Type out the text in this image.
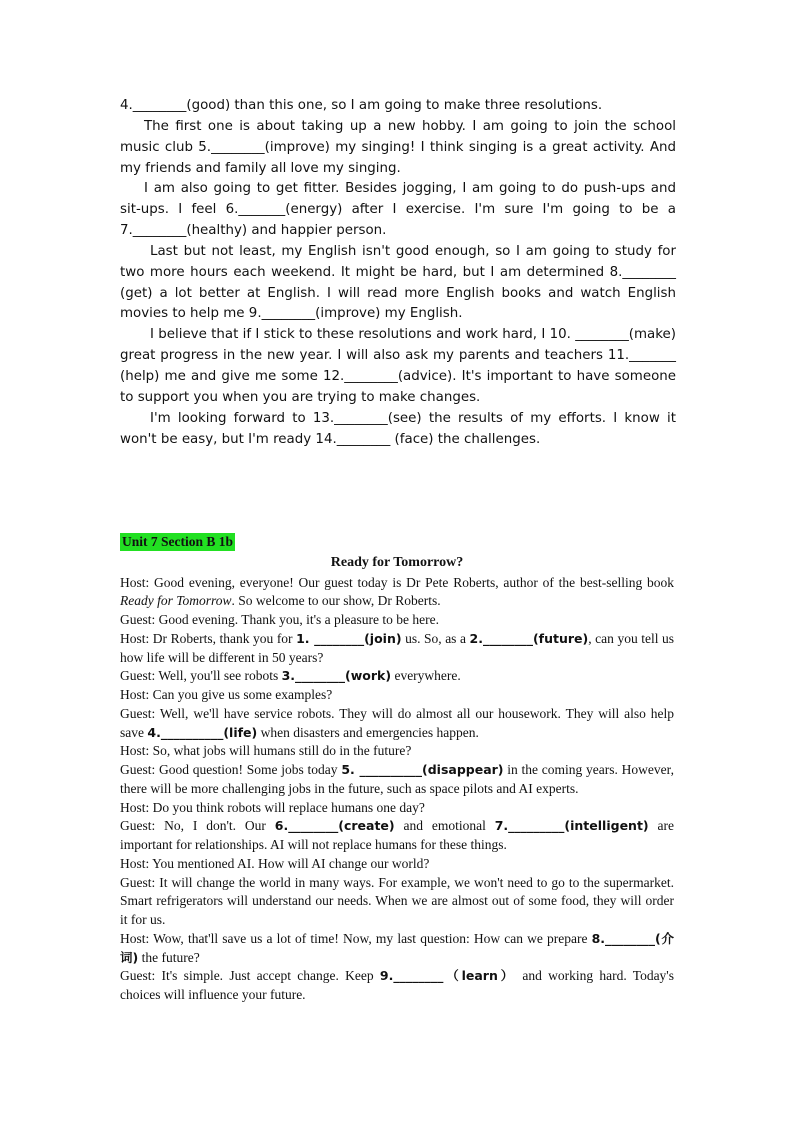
4.________(good) than this one, so I am going to make three resolutions.

The first one is about taking up a new hobby. I am going to join the school music club 5.________(improve) my singing! I think singing is a great activity. And my friends and family all love my singing.

I am also going to get fitter. Besides jogging, I am going to do push-ups and sit-ups. I feel 6._______(energy) after I exercise. I'm sure I'm going to be a 7.________(healthy) and happier person.

Last but not least, my English isn't good enough, so I am going to study for two more hours each weekend. It might be hard, but I am determined 8.________ (get) a lot better at English. I will read more English books and watch English movies to help me 9.________(improve) my English.

I believe that if I stick to these resolutions and work hard, I 10. ________(make) great progress in the new year. I will also ask my parents and teachers 11._______ (help) me and give me some 12.________(advice). It's important to have someone to support you when you are trying to make changes.

I'm looking forward to 13.________(see) the results of my efforts. I know it won't be easy, but I'm ready 14.________ (face) the challenges.

Unit 7 Section B 1b
Ready for Tomorrow?

Host: Good evening, everyone! Our guest today is Dr Pete Roberts, author of the best-selling book Ready for Tomorrow. So welcome to our show, Dr Roberts.

Guest: Good evening. Thank you, it's a pleasure to be here.

Host: Dr Roberts, thank you for 1. ________(join) us. So, as a 2.________(future), can you tell us how life will be different in 50 years?

Guest: Well, you'll see robots 3.________(work) everywhere.

Host: Can you give us some examples?

Guest: Well, we'll have service robots. They will do almost all our housework. They will also help save 4.__________(life) when disasters and emergencies happen.

Host: So, what jobs will humans still do in the future?

Guest: Good question! Some jobs today 5. __________(disappear) in the coming years. However, there will be more challenging jobs in the future, such as space pilots and AI experts.

Host: Do you think robots will replace humans one day?

Guest: No, I don't. Our 6.________(create) and emotional 7._________(intelligent) are important for relationships. AI will not replace humans for these things.

Host: You mentioned AI. How will AI change our world?

Guest: It will change the world in many ways. For example, we won't need to go to the supermarket. Smart refrigerators will understand our needs. When we are almost out of some food, they will order it for us.

Host: Wow, that'll save us a lot of time! Now, my last question: How can we prepare 8.________(介词) the future?

Guest: It's simple. Just accept change. Keep 9.________（learn） and working hard. Today's choices will influence your future.
